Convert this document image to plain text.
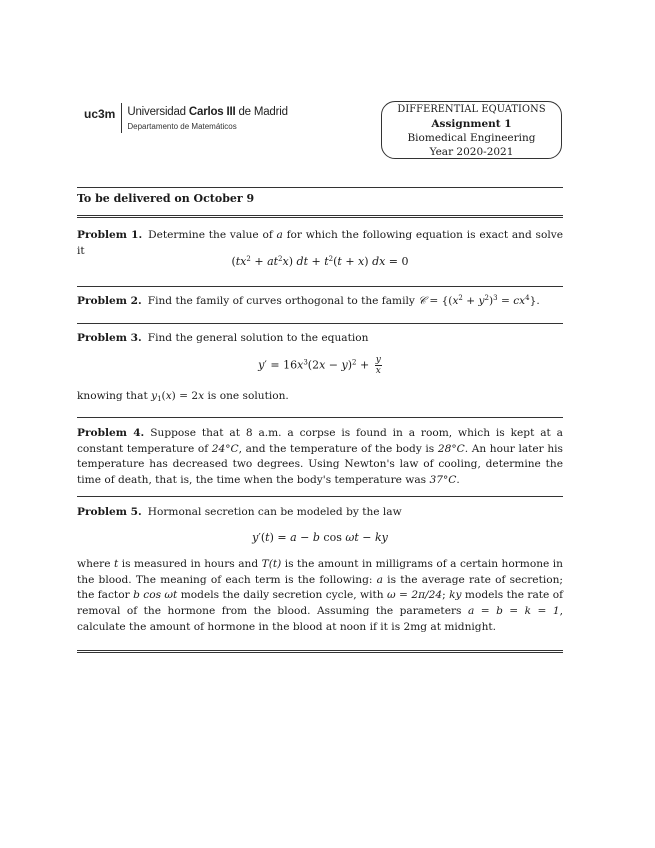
uc3m Universidad Carlos III de Madrid
Departamento de Matemáticos
DIFFERENTIAL EQUATIONS
Assignment 1
Biomedical Engineering
Year 2020-2021
To be delivered on October 9
Problem 1. Determine the value of a for which the following equation is exact and solve it
$(tx^2 + at^2x)$ dt + $t^2(t + x)$ dx = 0
Problem 2. Find the family of curves orthogonal to the family 𝒞 = $\{(x^2 + y^2)^3 = cx^4\}$.
Problem 3. Find the general solution to the equation
$y' = 16x^3(2x - y)^2 + \frac{y}{x}$
knowing that $y_1(x) = 2x$ is one solution.
Problem 4. Suppose that at 8 a.m. a corpse is found in a room, which is kept at a constant temperature of 24°C, and the temperature of the body is 28°C. An hour later his temperature has decreased two degrees. Using Newton's law of cooling, determine the time of death, that is, the time when the body's temperature was 37°C.
Problem 5. Hormonal secretion can be modeled by the law
y′(t) = a − b cos ωt − ky
where t is measured in hours and T(t) is the amount in milligrams of a certain hormone in the blood. The meaning of each term is the following: a is the average rate of secretion; the factor b cos ωt models the daily secretion cycle, with ω = 2π/24; ky models the rate of removal of the hormone from the blood. Assuming the parameters a = b = k = 1, calculate the amount of hormone in the blood at noon if it is 2mg at midnight.
